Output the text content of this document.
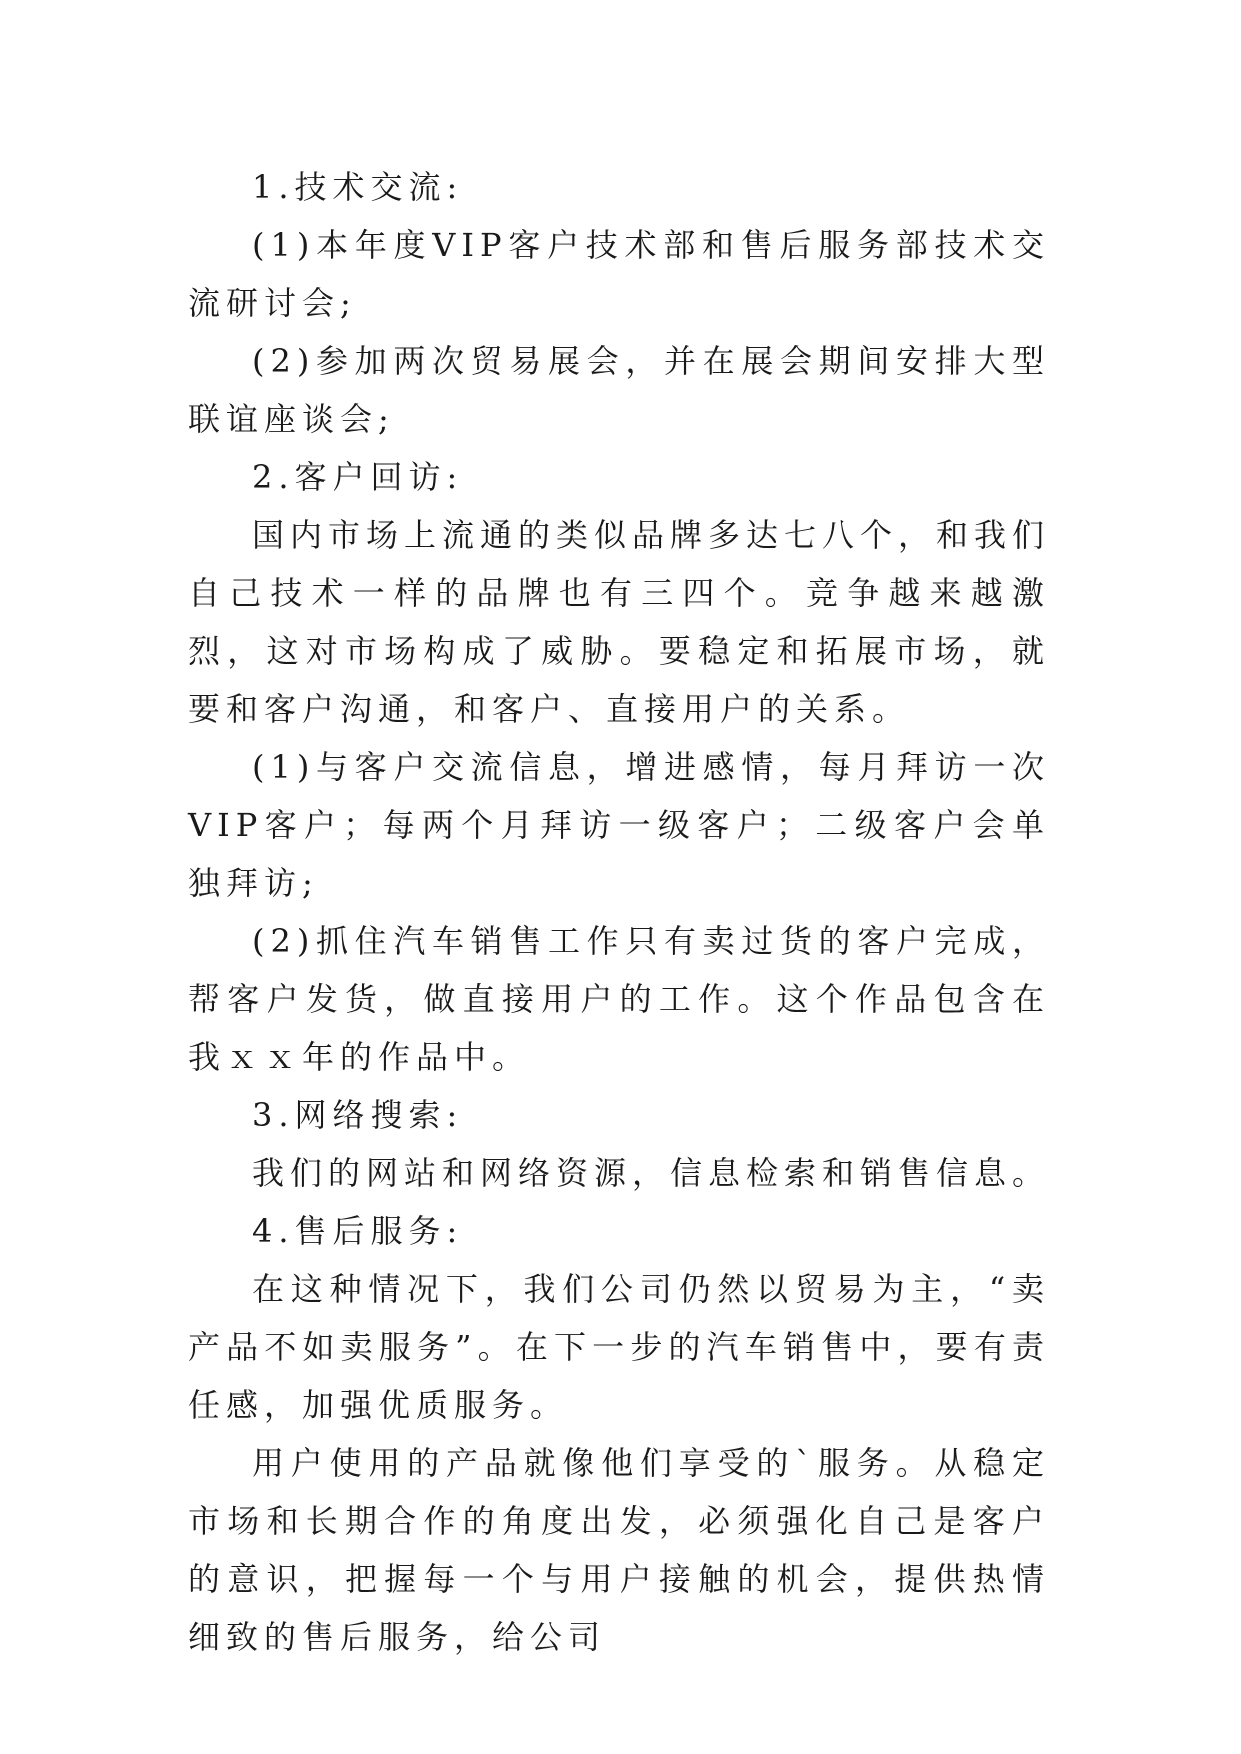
1.技术交流:

(1)本年度VIP客户技术部和售后服务部技术交流研讨会;

(2)参加两次贸易展会，并在展会期间安排大型联谊座谈会;

2.客户回访:

国内市场上流通的类似品牌多达七八个，和我们自己技术一样的品牌也有三四个。竞争越来越激烈，这对市场构成了威胁。要稳定和拓展市场，就要和客户沟通，和客户、直接用户的关系。

(1)与客户交流信息，增进感情，每月拜访一次VIP客户；每两个月拜访一级客户；二级客户会单独拜访;

(2)抓住汽车销售工作只有卖过货的客户完成，帮客户发货，做直接用户的工作。这个作品包含在我ｘｘ年的作品中。

3.网络搜索:

我们的网站和网络资源，信息检索和销售信息。

4.售后服务:

在这种情况下，我们公司仍然以贸易为主，“卖产品不如卖服务”。在下一步的汽车销售中，要有责任感，加强优质服务。

用户使用的产品就像他们享受的`服务。从稳定市场和长期合作的角度出发，必须强化自己是客户的意识，把握每一个与用户接触的机会，提供热情细致的售后服务，给公司
